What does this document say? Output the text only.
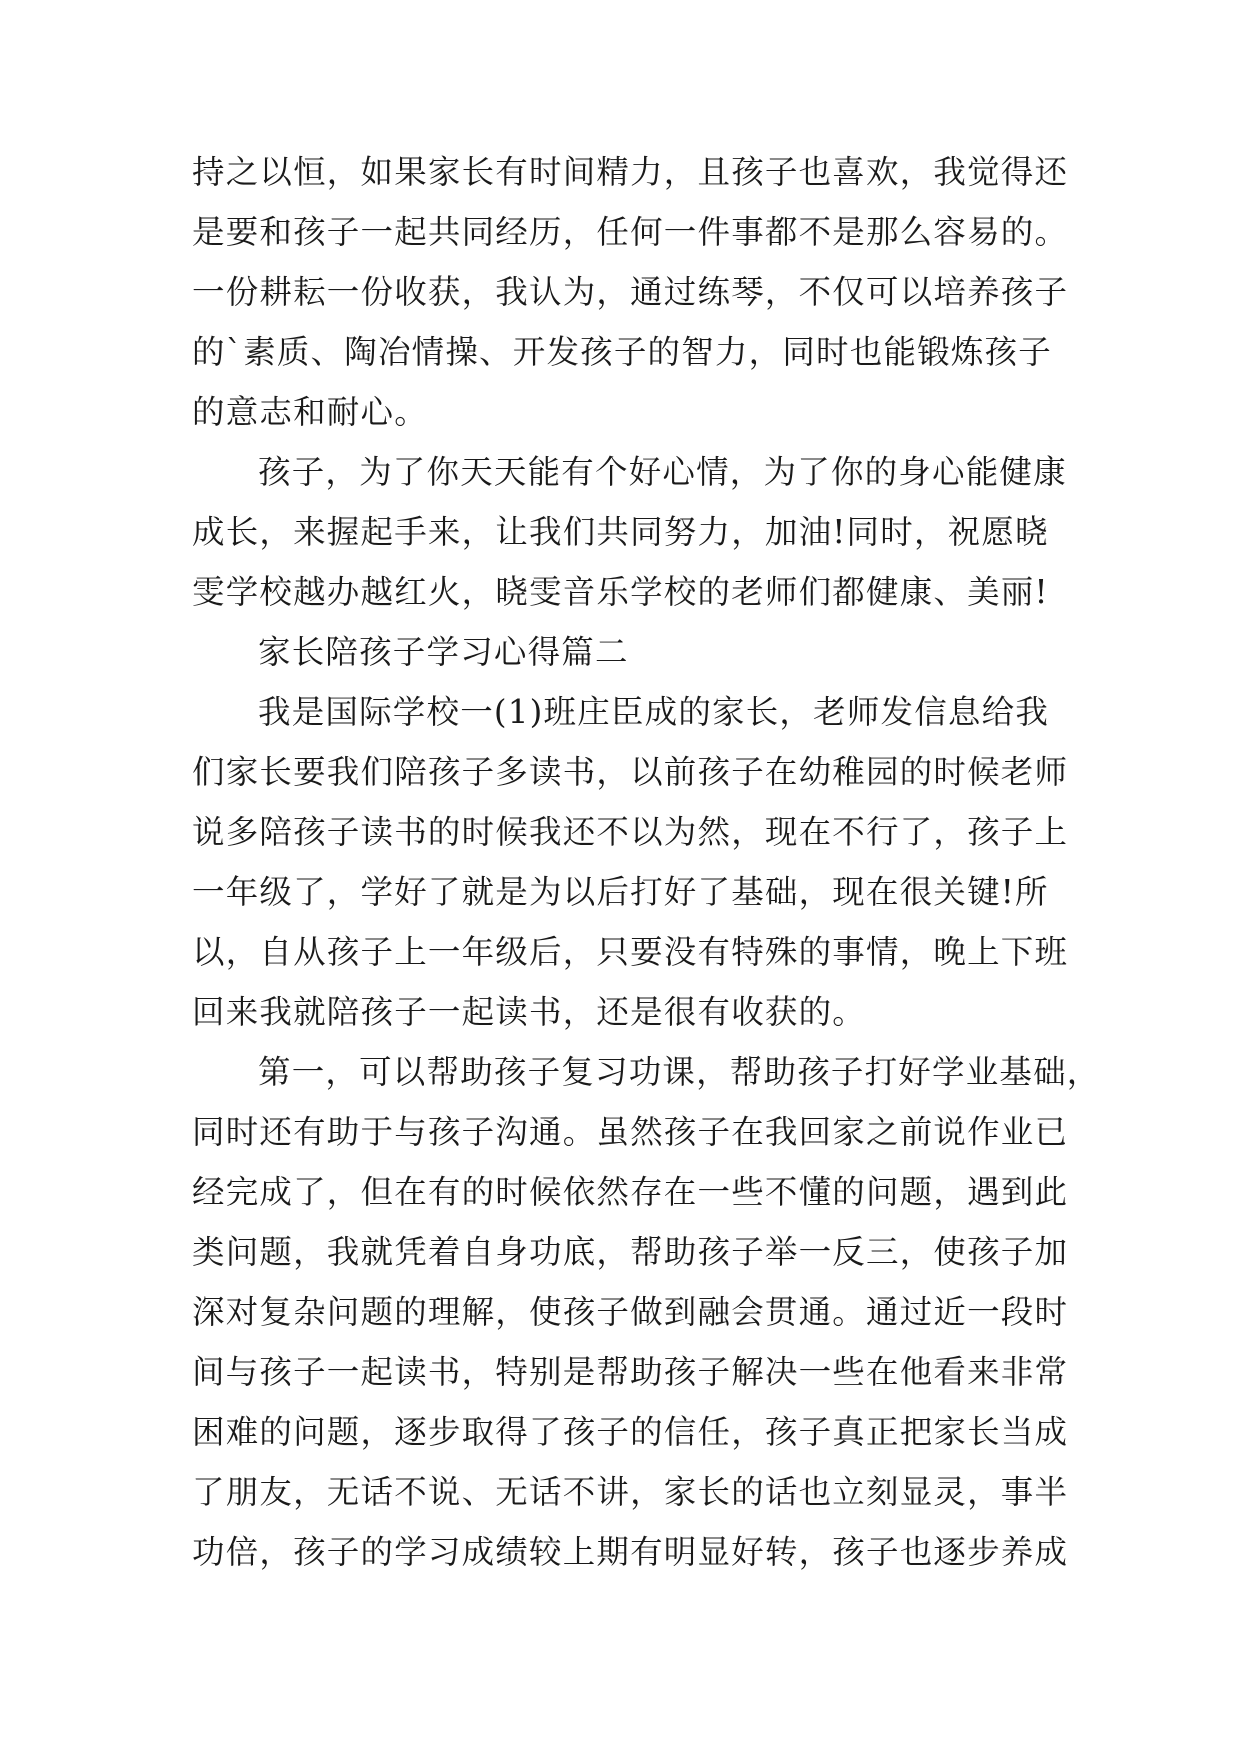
持之以恒，如果家长有时间精力，且孩子也喜欢，我觉得还
是要和孩子一起共同经历，任何一件事都不是那么容易的。
一份耕耘一份收获，我认为，通过练琴，不仅可以培养孩子
的`素质、陶冶情操、开发孩子的智力，同时也能锻炼孩子
的意志和耐心。
孩子，为了你天天能有个好心情，为了你的身心能健康
成长，来握起手来，让我们共同努力，加油!同时，祝愿晓
雯学校越办越红火，晓雯音乐学校的老师们都健康、美丽!
家长陪孩子学习心得篇二
我是国际学校一(1)班庄臣成的家长，老师发信息给我
们家长要我们陪孩子多读书，以前孩子在幼稚园的时候老师
说多陪孩子读书的时候我还不以为然，现在不行了，孩子上
一年级了，学好了就是为以后打好了基础，现在很关键!所
以，自从孩子上一年级后，只要没有特殊的事情，晚上下班
回来我就陪孩子一起读书，还是很有收获的。
第一，可以帮助孩子复习功课，帮助孩子打好学业基础，
同时还有助于与孩子沟通。虽然孩子在我回家之前说作业已
经完成了，但在有的时候依然存在一些不懂的问题，遇到此
类问题，我就凭着自身功底，帮助孩子举一反三，使孩子加
深对复杂问题的理解，使孩子做到融会贯通。通过近一段时
间与孩子一起读书，特别是帮助孩子解决一些在他看来非常
困难的问题，逐步取得了孩子的信任，孩子真正把家长当成
了朋友，无话不说、无话不讲，家长的话也立刻显灵，事半
功倍，孩子的学习成绩较上期有明显好转，孩子也逐步养成
